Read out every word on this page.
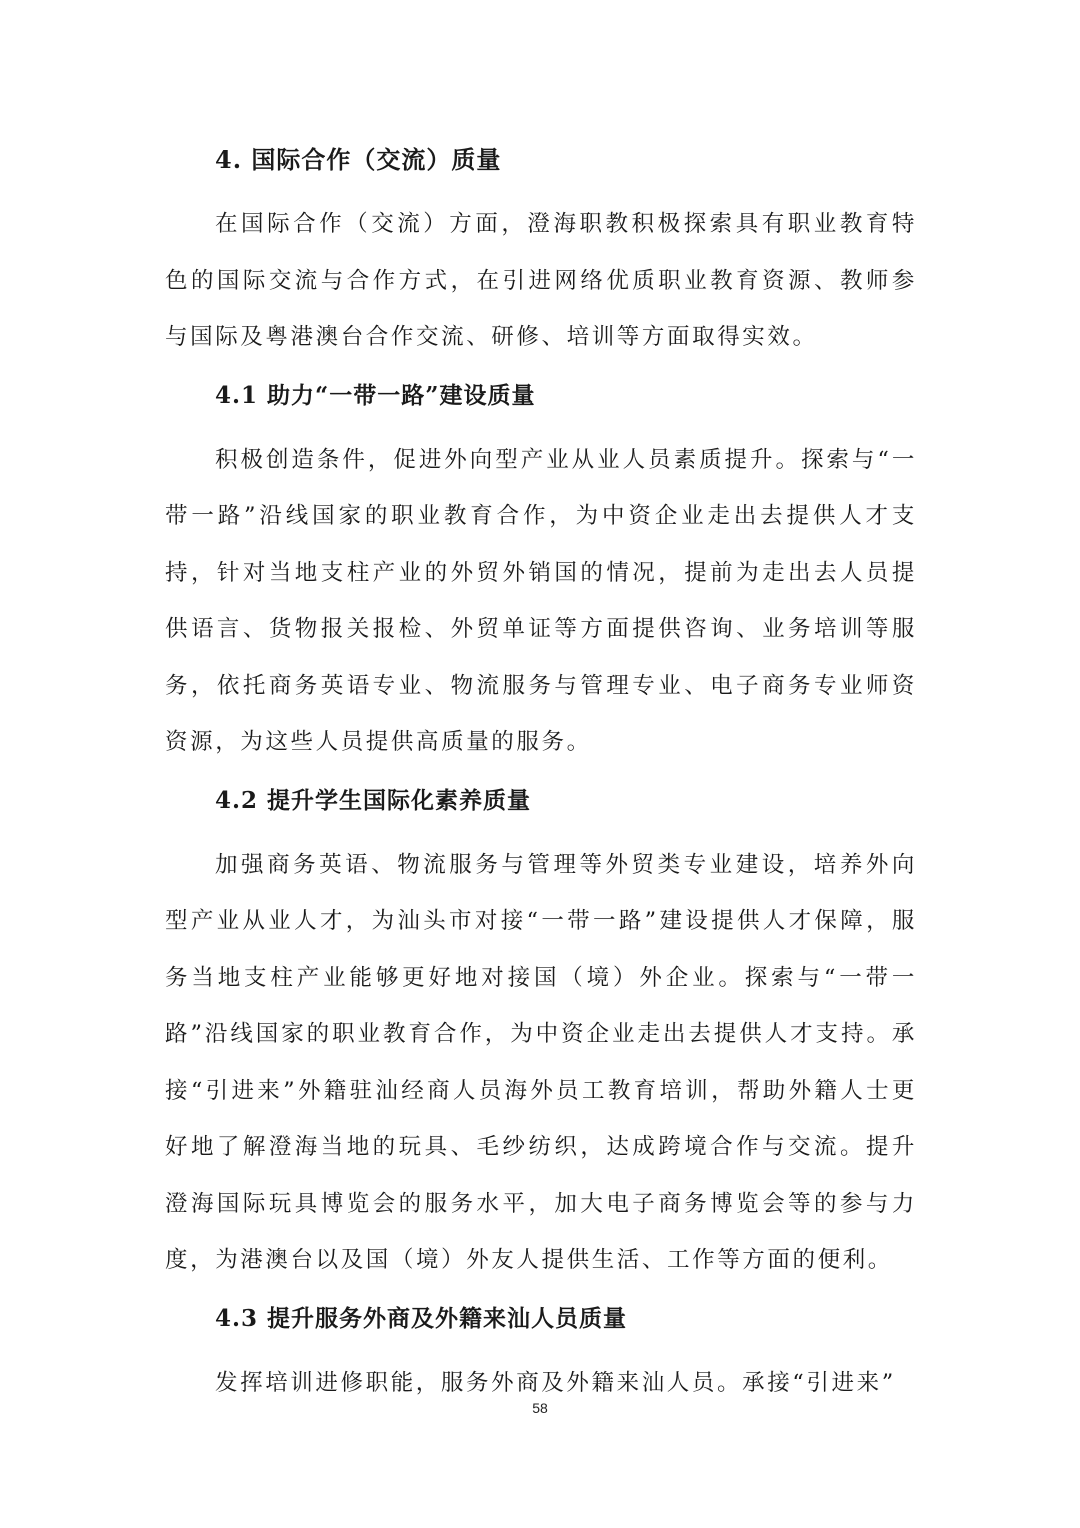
4. 国际合作（交流）质量

在国际合作（交流）方面，澄海职教积极探索具有职业教育特色的国际交流与合作方式，在引进网络优质职业教育资源、教师参与国际及粤港澳台合作交流、研修、培训等方面取得实效。

4.1 助力“一带一路”建设质量

积极创造条件，促进外向型产业从业人员素质提升。探索与“一带一路”沿线国家的职业教育合作，为中资企业走出去提供人才支持，针对当地支柱产业的外贸外销国的情况，提前为走出去人员提供语言、货物报关报检、外贸单证等方面提供咨询、业务培训等服务，依托商务英语专业、物流服务与管理专业、电子商务专业师资资源，为这些人员提供高质量的服务。

4.2 提升学生国际化素养质量

加强商务英语、物流服务与管理等外贸类专业建设，培养外向型产业从业人才，为汕头市对接“一带一路”建设提供人才保障，服务当地支柱产业能够更好地对接国（境）外企业。探索与“一带一路”沿线国家的职业教育合作，为中资企业走出去提供人才支持。承接“引进来”外籍驻汕经商人员海外员工教育培训，帮助外籍人士更好地了解澄海当地的玩具、毛纱纺织，达成跨境合作与交流。提升澄海国际玩具博览会的服务水平，加大电子商务博览会等的参与力度，为港澳台以及国（境）外友人提供生活、工作等方面的便利。

4.3 提升服务外商及外籍来汕人员质量

发挥培训进修职能，服务外商及外籍来汕人员。承接“引进来”

58
